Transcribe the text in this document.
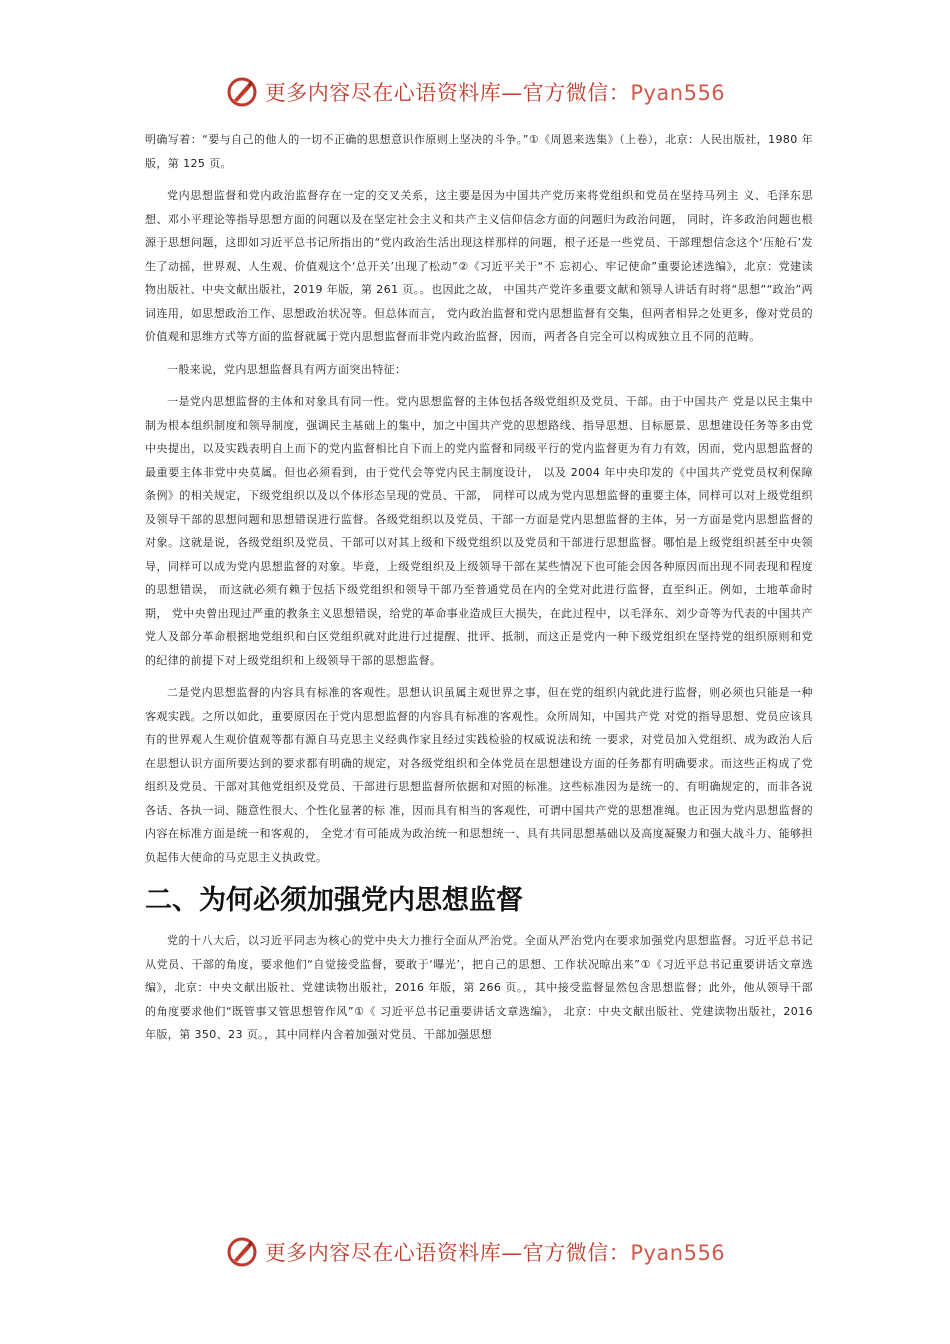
更多内容尽在心语资料库—官方微信：Pyan556

明确写着：“要与自己的他人的一切不正确的思想意识作原则上坚决的斗争。”①《周恩来选集》（上卷），北京：人民出版社，1980 年版，第 125 页。

党内思想监督和党内政治监督存在一定的交叉关系，这主要是因为中国共产党历来将党组织和党员在坚持马列主 义、毛泽东思想、邓小平理论等指导思想方面的问题以及在坚定社会主义和共产主义信仰信念方面的问题归为政治问题， 同时，许多政治问题也根源于思想问题，这即如习近平总书记所指出的“党内政治生活出现这样那样的问题，根子还是一些党员、干部理想信念这个‘压舱石’发生了动摇，世界观、人生观、价值观这个‘总开关’出现了松动”②《习近平关于“不 忘初心、牢记使命”重要论述选编》，北京：党建读物出版社、中央文献出版社，2019 年版，第 261 页。。也因此之故， 中国共产党许多重要文献和领导人讲话有时将“思想”“政治”两词连用，如思想政治工作、思想政治状况等。但总体而言， 党内政治监督和党内思想监督有交集，但两者相异之处更多，像对党员的价值观和思维方式等方面的监督就属于党内思想监督而非党内政治监督，因而，两者各自完全可以构成独立且不同的范畴。

一般来说，党内思想监督具有两方面突出特征：

一是党内思想监督的主体和对象具有同一性。党内思想监督的主体包括各级党组织及党员、干部。由于中国共产 党是以民主集中制为根本组织制度和领导制度，强调民主基础上的集中，加之中国共产党的思想路线、指导思想、目标愿景、思想建设任务等多由党中央提出，以及实践表明自上而下的党内监督相比自下而上的党内监督和同级平行的党内监督更为有力有效，因而，党内思想监督的最重要主体非党中央莫属。但也必须看到，由于党代会等党内民主制度设计， 以及 2004 年中央印发的《中国共产党党员权利保障条例》的相关规定，下级党组织以及以个体形态呈现的党员、干部， 同样可以成为党内思想监督的重要主体，同样可以对上级党组织及领导干部的思想问题和思想错误进行监督。各级党组织以及党员、干部一方面是党内思想监督的主体，另一方面是党内思想监督的对象。这就是说，各级党组织及党员、干部可以对其上级和下级党组织以及党员和干部进行思想监督。哪怕是上级党组织甚至中央领导，同样可以成为党内思想监督的对象。毕竟，上级党组织及上级领导干部在某些情况下也可能会因各种原因而出现不同表现和程度的思想错误， 而这就必须有赖于包括下级党组织和领导干部乃至普通党员在内的全党对此进行监督，直至纠正。例如，土地革命时期， 党中央曾出现过严重的教条主义思想错误，给党的革命事业造成巨大损失，在此过程中，以毛泽东、刘少奇等为代表的中国共产党人及部分革命根据地党组织和白区党组织就对此进行过提醒、批评、抵制，而这正是党内一种下级党组织在坚持党的组织原则和党的纪律的前提下对上级党组织和上级领导干部的思想监督。

二是党内思想监督的内容具有标准的客观性。思想认识虽属主观世界之事，但在党的组织内就此进行监督，则必须也只能是一种客观实践。之所以如此，重要原因在于党内思想监督的内容具有标准的客观性。众所周知，中国共产党 对党的指导思想、党员应该具有的世界观人生观价值观等都有源自马克思主义经典作家且经过实践检验的权威说法和统 一要求，对党员加入党组织、成为政治人后在思想认识方面所要达到的要求都有明确的规定，对各级党组织和全体党员在思想建设方面的任务都有明确要求。而这些正构成了党组织及党员、干部对其他党组织及党员、干部进行思想监督所依据和对照的标准。这些标准因为是统一的、有明确规定的，而非各说各话、各执一词、随意性很大、个性化显著的标 准，因而具有相当的客观性，可谓中国共产党的思想准绳。也正因为党内思想监督的内容在标准方面是统一和客观的， 全党才有可能成为政治统一和思想统一、具有共同思想基础以及高度凝聚力和强大战斗力、能够担负起伟大使命的马克思主义执政党。

二、为何必须加强党内思想监督

党的十八大后，以习近平同志为核心的党中央大力推行全面从严治党。全面从严治党内在要求加强党内思想监督。习近平总书记从党员、干部的角度，要求他们“自觉接受监督，要敢于‘曝光’，把自己的思想、工作状况晾出来”①《习近平总书记重要讲话文章选编》，北京：中央文献出版社、党建读物出版社，2016 年版，第 266 页。，其中接受监督显然包含思想监督；此外，他从领导干部的角度要求他们“既管事又管思想管作风”①《 习近平总书记重要讲话文章选编》， 北京：中央文献出版社、党建读物出版社，2016 年版，第 350、23 页。，其中同样内含着加强对党员、干部加强思想

更多内容尽在心语资料库—官方微信：Pyan556
